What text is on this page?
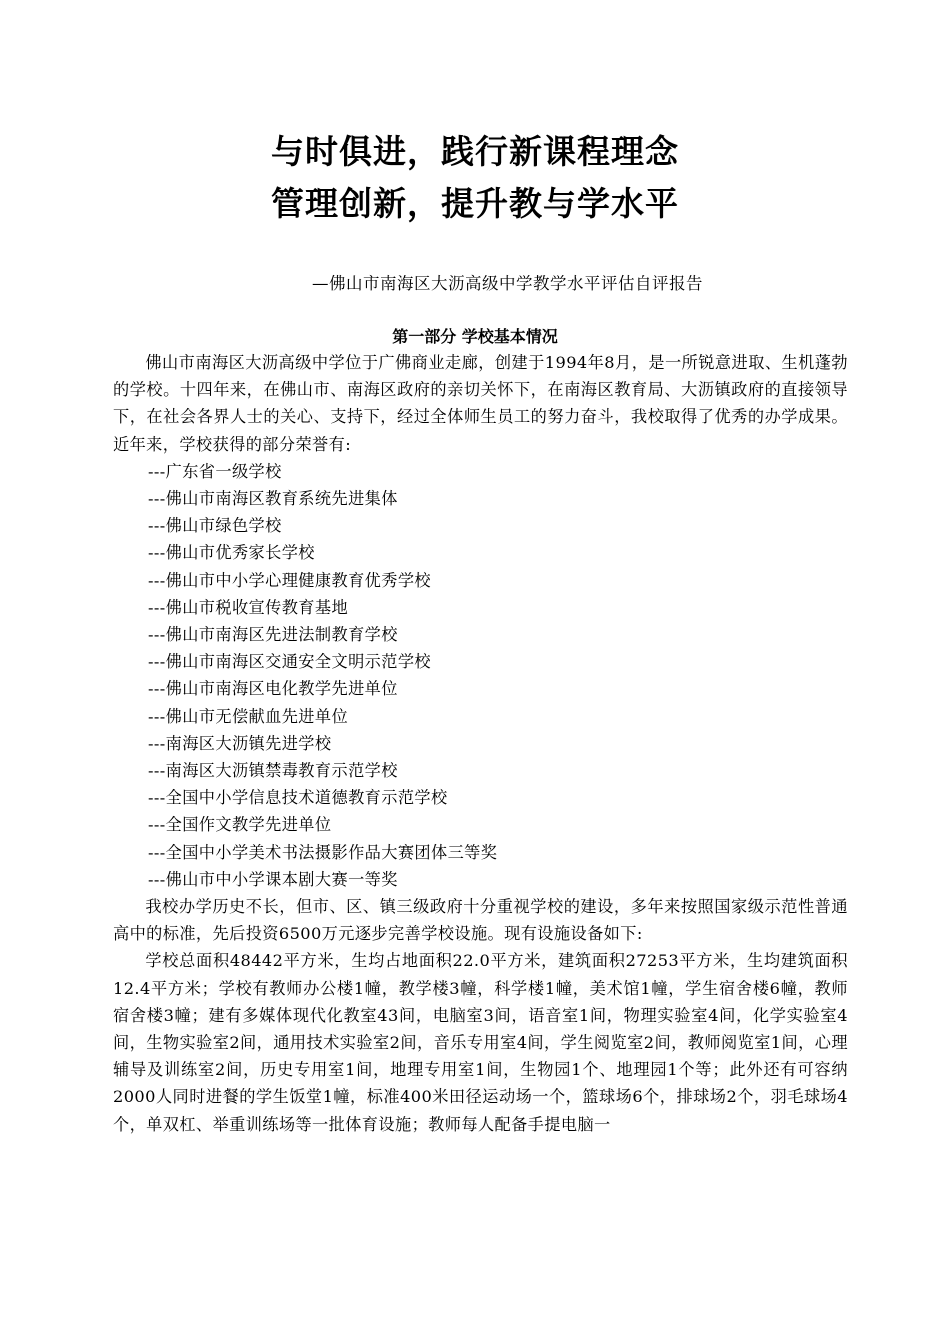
与时俱进，践行新课程理念
管理创新，提升教与学水平
—佛山市南海区大沥高级中学教学水平评估自评报告
第一部分 学校基本情况

佛山市南海区大沥高级中学位于广佛商业走廊，创建于1994年8月，是一所锐意进取、生机蓬勃的学校。十四年来，在佛山市、南海区政府的亲切关怀下，在南海区教育局、大沥镇政府的直接领导下，在社会各界人士的关心、支持下，经过全体师生员工的努力奋斗，我校取得了优秀的办学成果。近年来，学校获得的部分荣誉有:

---广东省一级学校
---佛山市南海区教育系统先进集体
---佛山市绿色学校
---佛山市优秀家长学校
---佛山市中小学心理健康教育优秀学校
---佛山市税收宣传教育基地
---佛山市南海区先进法制教育学校
---佛山市南海区交通安全文明示范学校
---佛山市南海区电化教学先进单位
---佛山市无偿献血先进单位
---南海区大沥镇先进学校
---南海区大沥镇禁毒教育示范学校
---全国中小学信息技术道德教育示范学校
---全国作文教学先进单位
---全国中小学美术书法摄影作品大赛团体三等奖
---佛山市中小学课本剧大赛一等奖

我校办学历史不长，但市、区、镇三级政府十分重视学校的建设，多年来按照国家级示范性普通高中的标准，先后投资6500万元逐步完善学校设施。现有设施设备如下:

学校总面积48442平方米，生均占地面积22.0平方米，建筑面积27253平方米，生均建筑面积12.4平方米；学校有教师办公楼1幢，教学楼3幢，科学楼1幢，美术馆1幢，学生宿舍楼6幢，教师宿舍楼3幢；建有多媒体现代化教室43间，电脑室3间，语音室1间，物理实验室4间，化学实验室4间，生物实验室2间，通用技术实验室2间，音乐专用室4间，学生阅览室2间，教师阅览室1间，心理辅导及训练室2间，历史专用室1间，地理专用室1间，生物园1个、地理园1个等；此外还有可容纳2000人同时进餐的学生饭堂1幢，标准400米田径运动场一个，篮球场6个，排球场2个，羽毛球场4个，单双杠、举重训练场等一批体育设施；教师每人配备手提电脑一
